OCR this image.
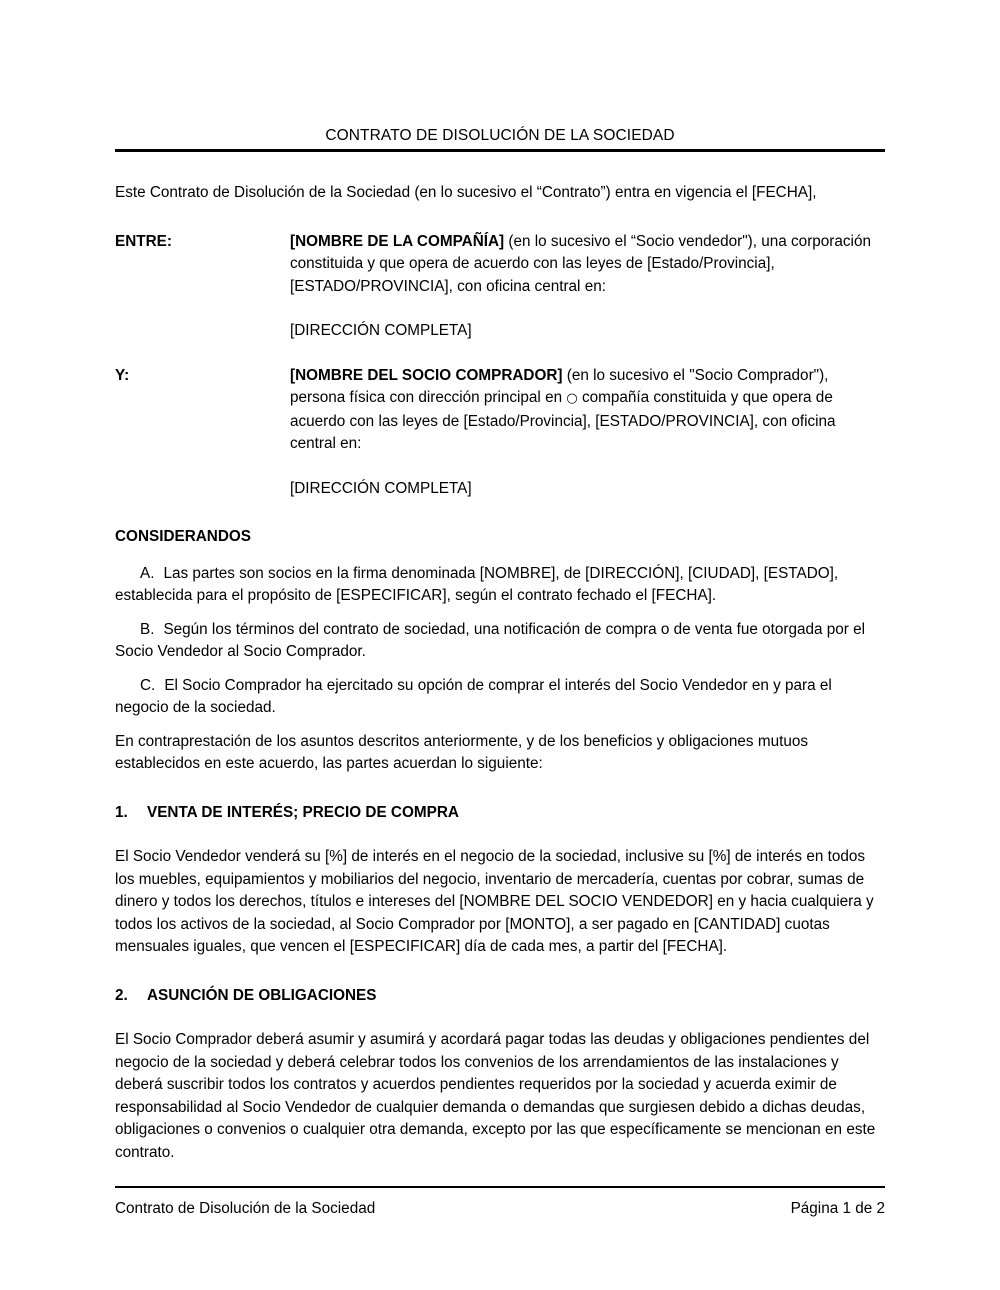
CONTRATO DE DISOLUCIÓN DE LA SOCIEDAD

Este Contrato de Disolución de la Sociedad (en lo sucesivo el “Contrato”) entra en vigencia el [FECHA],

ENTRE:	[NOMBRE DE LA COMPAÑÍA] (en lo sucesivo el “Socio vendedor"), una corporación constituida y que opera de acuerdo con las leyes de [Estado/Provincia], [ESTADO/PROVINCIA], con oficina central en:
[DIRECCIÓN COMPLETA]
Y:	[NOMBRE DEL SOCIO COMPRADOR] (en lo sucesivo el "Socio Comprador"), persona física con dirección principal en ○ compañía constituida y que opera de acuerdo con las leyes de [Estado/Provincia], [ESTADO/PROVINCIA], con oficina central en:
[DIRECCIÓN COMPLETA]
CONSIDERANDOS

A. Las partes son socios en la firma denominada [NOMBRE], de [DIRECCIÓN], [CIUDAD], [ESTADO], establecida para el propósito de [ESPECIFICAR], según el contrato fechado el [FECHA].

B. Según los términos del contrato de sociedad, una notificación de compra o de venta fue otorgada por el Socio Vendedor al Socio Comprador.

C. El Socio Comprador ha ejercitado su opción de comprar el interés del Socio Vendedor en y para el negocio de la sociedad.

En contraprestación de los asuntos descritos anteriormente, y de los beneficios y obligaciones mutuos establecidos en este acuerdo, las partes acuerdan lo siguiente:

1.	VENTA DE INTERÉS; PRECIO DE COMPRA

El Socio Vendedor venderá su [%] de interés en el negocio de la sociedad, inclusive su [%] de interés en todos los muebles, equipamientos y mobiliarios del negocio, inventario de mercadería, cuentas por cobrar, sumas de dinero y todos los derechos, títulos e intereses del [NOMBRE DEL SOCIO VENDEDOR] en y hacia cualquiera y todos los activos de la sociedad, al Socio Comprador por [MONTO], a ser pagado en [CANTIDAD] cuotas mensuales iguales, que vencen el [ESPECIFICAR] día de cada mes, a partir del [FECHA].

2.	ASUNCIÓN DE OBLIGACIONES

El Socio Comprador deberá asumir y asumirá y acordará pagar todas las deudas y obligaciones pendientes del negocio de la sociedad y deberá celebrar todos los convenios de los arrendamientos de las instalaciones y deberá suscribir todos los contratos y acuerdos pendientes requeridos por la sociedad y acuerda eximir de responsabilidad al Socio Vendedor de cualquier demanda o demandas que surgiesen debido a dichas deudas, obligaciones o convenios o cualquier otra demanda, excepto por las que específicamente se mencionan en este contrato.

Contrato de Disolución de la Sociedad	Página 1 de 2
